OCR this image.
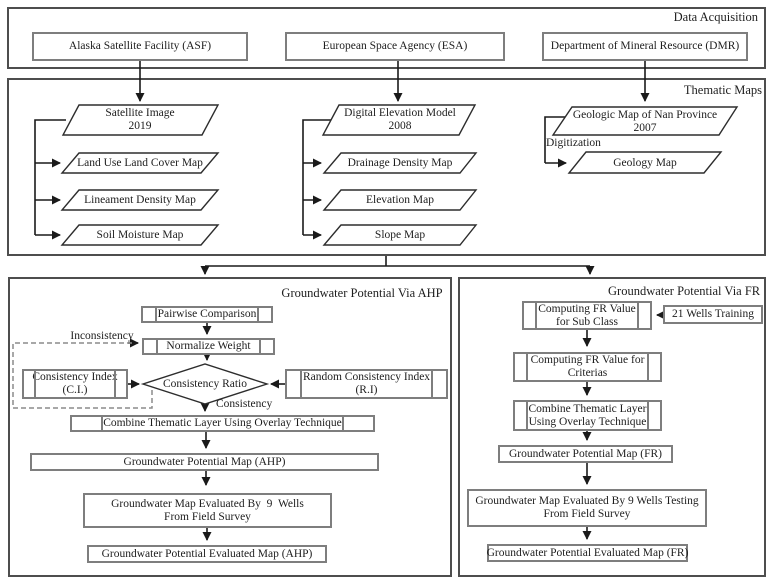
Data Acquisition
Thematic Maps
Groundwater Potential Via AHP	Groundwater Potential Via FR
Alaska Satellite Facility (ASF)	European Space Agency (ESA)	Department of Mineral Resource (DMR)
Satellite Image
2019
Land Use Land Cover Map
Lineament Density Map
Soil Moisture Map
Digital Elevation Model
2008
Drainage Density Map
Elevation Map
Slope Map
Geologic Map of Nan Province
2007
Digitization
Geology Map
Pairwise Comparison
Inconsistency
Normalize Weight
Consistency Index
(C.I.)
Consistency Ratio
Random Consistency Index
(R.I)
Consistency
Combine Thematic Layer Using Overlay Technique
Groundwater Potential Map (AHP)
Groundwater Map Evaluated By  9  Wells
From Field Survey
Groundwater Potential Evaluated Map (AHP)
Computing FR Value
for Sub Class
21 Wells Training
Computing FR Value for
Criterias
Combine Thematic Layer
Using Overlay Technique
Groundwater Potential Map (FR)
Groundwater Map Evaluated By 9 Wells Testing
From Field Survey
Groundwater Potential Evaluated Map (FR)
